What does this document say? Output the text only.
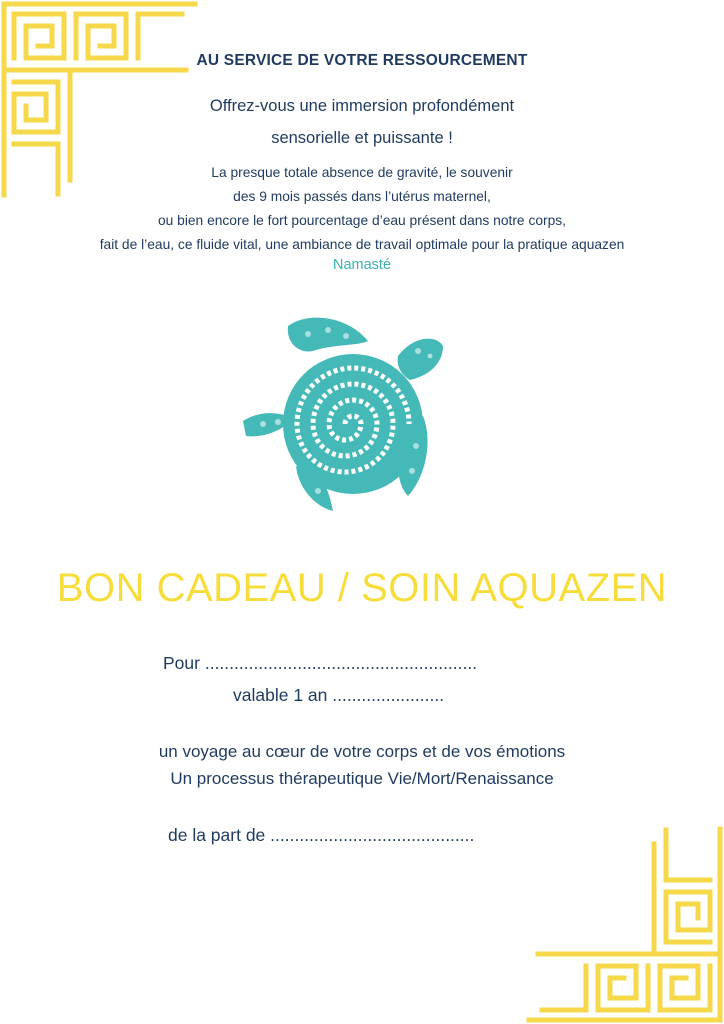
AU SERVICE DE VOTRE RESSOURCEMENT
Offrez-vous une immersion profondément
sensorielle et puissante !
La presque totale absence de gravité, le souvenir
des 9 mois passés dans l’utérus maternel,
ou bien encore le fort pourcentage d’eau présent dans notre corps,
fait de l’eau, ce fluide vital, une ambiance de travail optimale pour la pratique aquazen
Namasté
BON CADEAU / SOIN AQUAZEN
Pour ........................................................
valable 1 an .......................
un voyage au cœur de votre corps et de vos émotions
Un processus thérapeutique Vie/Mort/Renaissance
de la part de ..........................................
